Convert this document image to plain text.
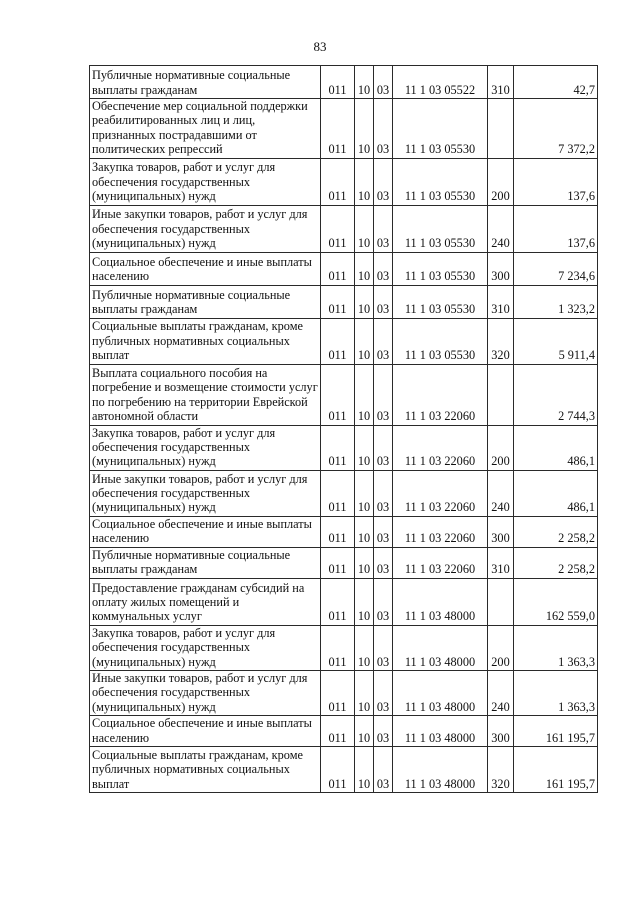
83
Публичные нормативные социальные выплаты гражданам	011	10	03	11 1 03 05522	310	42,7
Обеспечение мер социальной поддержки реабилитированных лиц и лиц, признанных пострадавшими от политических репрессий	011	10	03	11 1 03 05530		7 372,2
Закупка товаров, работ и услуг для обеспечения государственных (муниципальных) нужд	011	10	03	11 1 03 05530	200	137,6
Иные закупки товаров, работ и услуг для обеспечения государственных (муниципальных) нужд	011	10	03	11 1 03 05530	240	137,6
Социальное обеспечение и иные выплаты населению	011	10	03	11 1 03 05530	300	7 234,6
Публичные нормативные социальные выплаты гражданам	011	10	03	11 1 03 05530	310	1 323,2
Социальные выплаты гражданам, кроме публичных нормативных социальных выплат	011	10	03	11 1 03 05530	320	5 911,4
Выплата социального пособия на погребение и возмещение стоимости услуг по погребению на территории Еврейской автономной области	011	10	03	11 1 03 22060		2 744,3
Закупка товаров, работ и услуг для обеспечения государственных (муниципальных) нужд	011	10	03	11 1 03 22060	200	486,1
Иные закупки товаров, работ и услуг для обеспечения государственных (муниципальных) нужд	011	10	03	11 1 03 22060	240	486,1
Социальное обеспечение и иные выплаты населению	011	10	03	11 1 03 22060	300	2 258,2
Публичные нормативные социальные выплаты гражданам	011	10	03	11 1 03 22060	310	2 258,2
Предоставление гражданам субсидий на оплату жилых помещений и коммунальных услуг	011	10	03	11 1 03 48000		162 559,0
Закупка товаров, работ и услуг для обеспечения государственных (муниципальных) нужд	011	10	03	11 1 03 48000	200	1 363,3
Иные закупки товаров, работ и услуг для обеспечения государственных (муниципальных) нужд	011	10	03	11 1 03 48000	240	1 363,3
Социальное обеспечение и иные выплаты населению	011	10	03	11 1 03 48000	300	161 195,7
Социальные выплаты гражданам, кроме публичных нормативных социальных выплат	011	10	03	11 1 03 48000	320	161 195,7
